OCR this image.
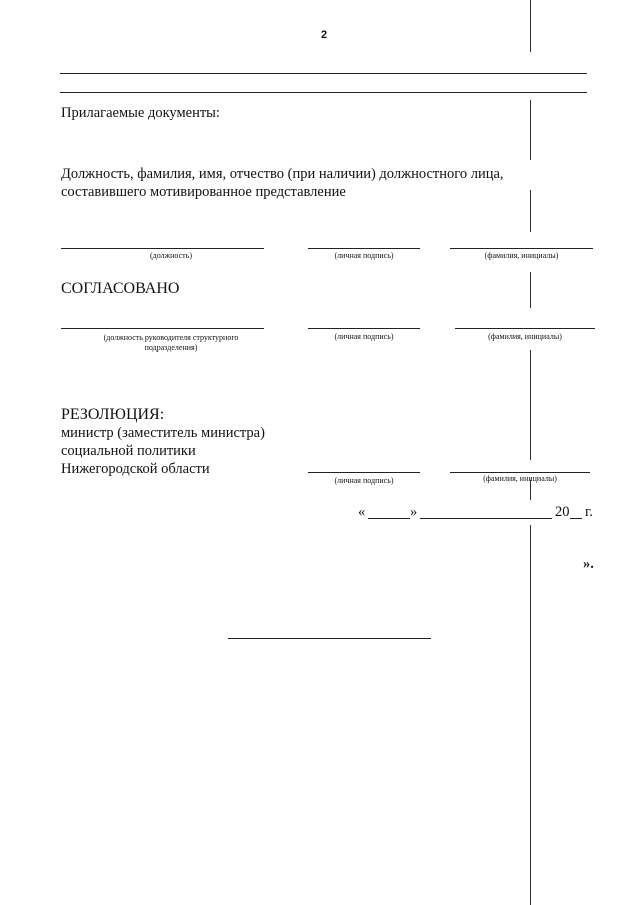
2
Прилагаемые документы:
Должность, фамилия, имя, отчество (при наличии) должностного лица,
составившего мотивированное представление
(должность)	(личная подпись)	(фамилия, инициалы)
СОГЛАСОВАНО
(должность руководителя структурного
подразделения)
(личная подпись)	(фамилия, инициалы)
РЕЗОЛЮЦИЯ:
министр (заместитель министра)
социальной политики
Нижегородской области
(личная подпись)	(фамилия, инициалы)
«	»	20 г.
».
